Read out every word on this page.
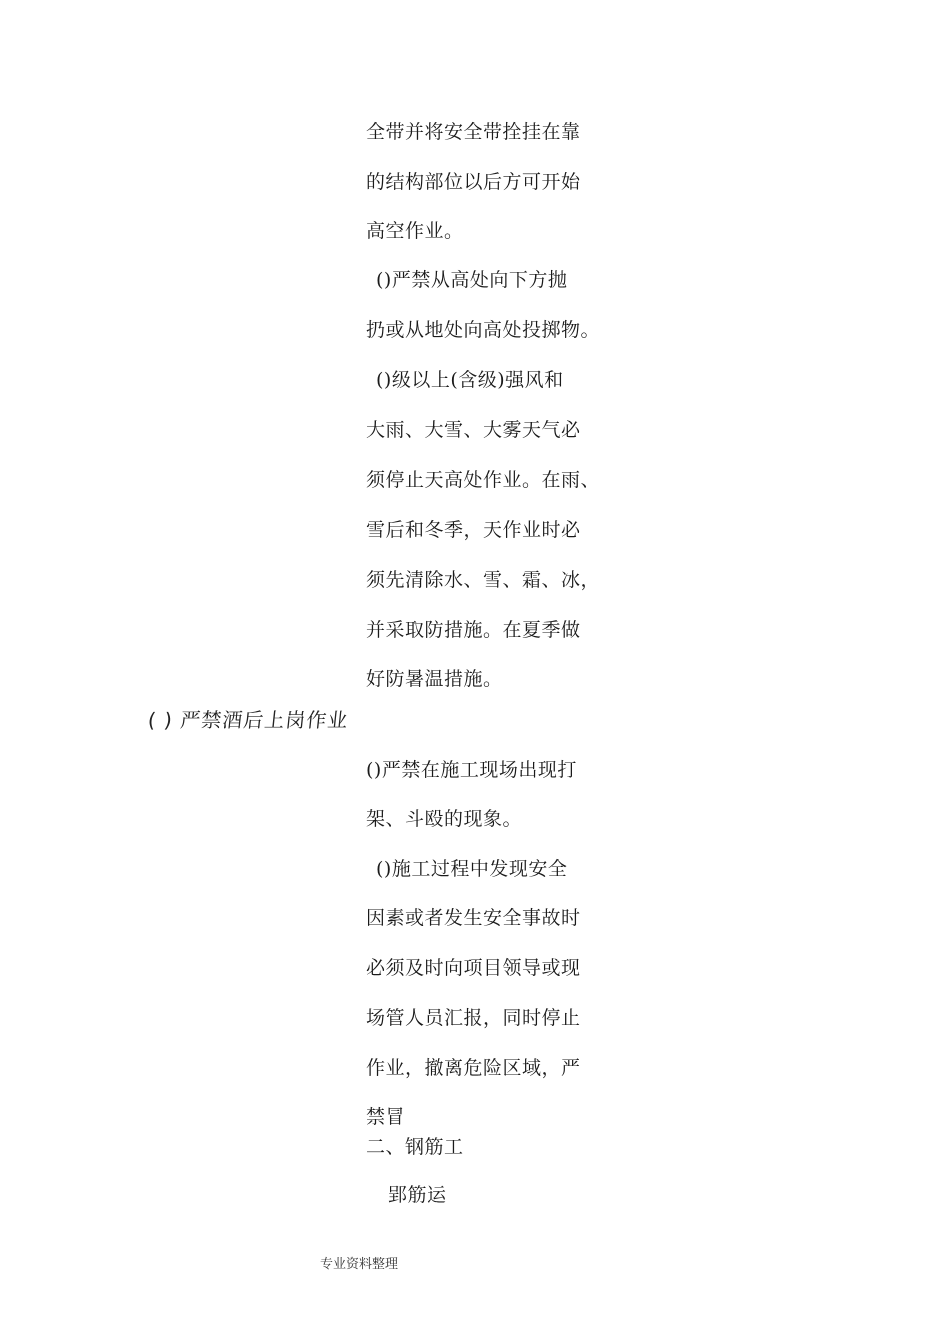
全带并将安全带拴挂在靠
的结构部位以后方可开始
高空作业。
()严禁从高处向下方抛
扔或从地处向高处投掷物。
()级以上(含级)强风和
大雨、大雪、大雾天气必
须停止天高处作业。在雨、
雪后和冬季，天作业时必
须先清除水、雪、霜、冰，
并采取防措施。在夏季做
好防暑温措施。
( ) 严禁酒后上岗作业
()严禁在施工现场出现打
架、斗殴的现象。
()施工过程中发现安全
因素或者发生安全事故时
必须及时向项目领导或现
场管人员汇报，同时停止
作业，撤离危险区域，严
禁冒
二、钢筋工
郢筋运
专业资料整理
